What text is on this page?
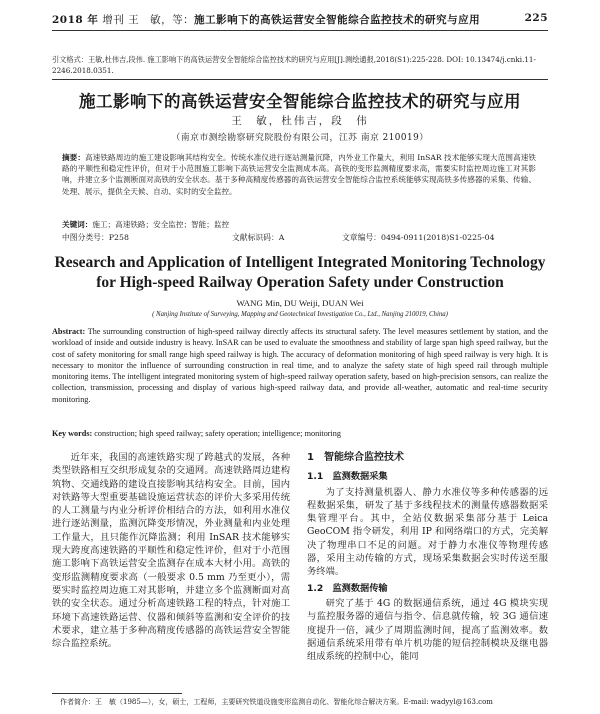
2018 年 增刊 王　敏，等：施工影响下的高铁运营安全智能综合监控技术的研究与应用	225
引文格式：王敏,杜伟吉,段伟. 施工影响下的高铁运营安全智能综合监控技术的研究与应用[J].测绘通报,2018(S1):225-228. DOI: 10.13474/j.cnki.11-2246.2018.0351.
施工影响下的高铁运营安全智能综合监控技术的研究与应用
王　敏，杜伟吉，段　伟
（南京市测绘勘察研究院股份有限公司，江苏 南京 210019）
摘要：高速铁路周边的施工建设影响其结构安全。传统水准仪进行逐站测量沉降，内外业工作量大，利用 InSAR 技术能够实现大范围高速铁路的平顺性和稳定性评价，但对于小范围施工影响下高铁运营安全监测成本高。高铁的变形监测精度要求高，需要实时监控周边施工对其影响，并建立多个监测断面对高铁的安全状态。基于多种高精度传感器的高铁运营安全智能综合监控系统能够实现高铁多传感器的采集、传输、处理、展示，提供全天候、自动、实时的安全监控。
关键词：施工；高速铁路；安全监控；智能；监控
中图分类号：P258	文献标识码：A	文章编号：0494-0911(2018)S1-0225-04
Research and Application of Intelligent Integrated Monitoring Technology for High-speed Railway Operation Safety under Construction
WANG Min, DU Weiji, DUAN Wei
( Nanjing Institute of Surveying, Mapping and Geotechnical Investigation Co., Ltd., Nanjing 210019, China)
Abstract: The surrounding construction of high-speed railway directly affects its structural safety. The level measures settlement by station, and the workload of inside and outside industry is heavy. InSAR can be used to evaluate the smoothness and stability of large span high speed railway, but the cost of safety monitoring for small range high speed railway is high. The accuracy of deformation monitoring of high speed railway is very high. It is necessary to monitor the influence of surrounding construction in real time, and to analyze the safety state of high speed rail through multiple monitoring items. The intelligent integrated monitoring system of high-speed railway operation safety, based on high-precision sensors, can realize the collection, transmission, processing and display of various high-speed railway data, and provide all-weather, automatic and real-time security monitoring.
Key words: construction; high speed railway; safety operation; intelligence; monitoring
近年来，我国的高速铁路实现了跨越式的发展，各种类型铁路相互交织形成复杂的交通网。高速铁路周边建构筑物、交通线路的建设直接影响其结构安全。目前，国内对铁路等大型重要基础设施运营状态的评价大多采用传统的人工测量与内业分析评价相结合的方法，如利用水准仪进行逐站测量，监测沉降变形情况，外业测量和内业处理工作量大，且只能作沉降监测；利用 InSAR 技术能够实现大跨度高速铁路的平顺性和稳定性评价，但对于小范围施工影响下高铁运营安全监测存在成本大材小用。高铁的变形监测精度要求高（一般要求 0.5 mm 乃至更小），需要实时监控周边施工对其影响，并建立多个监测断面对高铁的安全状态。通过分析高速铁路工程的特点，针对施工环境下高速铁路运营、仪器和倾斜等监测和安全评价的技术要求，建立基于多种高精度传感器的高铁运营安全智能综合监控系统。
1　智能综合监控技术
1.1　监测数据采集

为了支持测量机器人、静力水准仪等多种传感器的远程数据采集，研发了基于多线程技术的测量传感器数据采集管理平台。其中，全站仪数据采集部分基于 Leica GeoCOM 指令研发，利用 IP 和网络端口的方式，完美解决了物理串口不足的问题。对于静力水准仪等物理传感器，采用主动传输的方式，现场采集数据会实时传送至服务终端。

1.2　监测数据传输

研究了基于 4G 的数据通信系统，通过 4G 模块实现与监控服务器的通信与指令、信息就传输，较 3G 通信速度提升一倍，减少了周期监测时间，提高了监测效率。数据通信系统采用带有单片机功能的短信控制模块及继电器组成系统的控制中心，能同

作者简介：王　敏（1985—），女，硕士，工程师，主要研究铁道设施变形监测自动化、智能化综合解决方案。E-mail: wadyyl@163.com
